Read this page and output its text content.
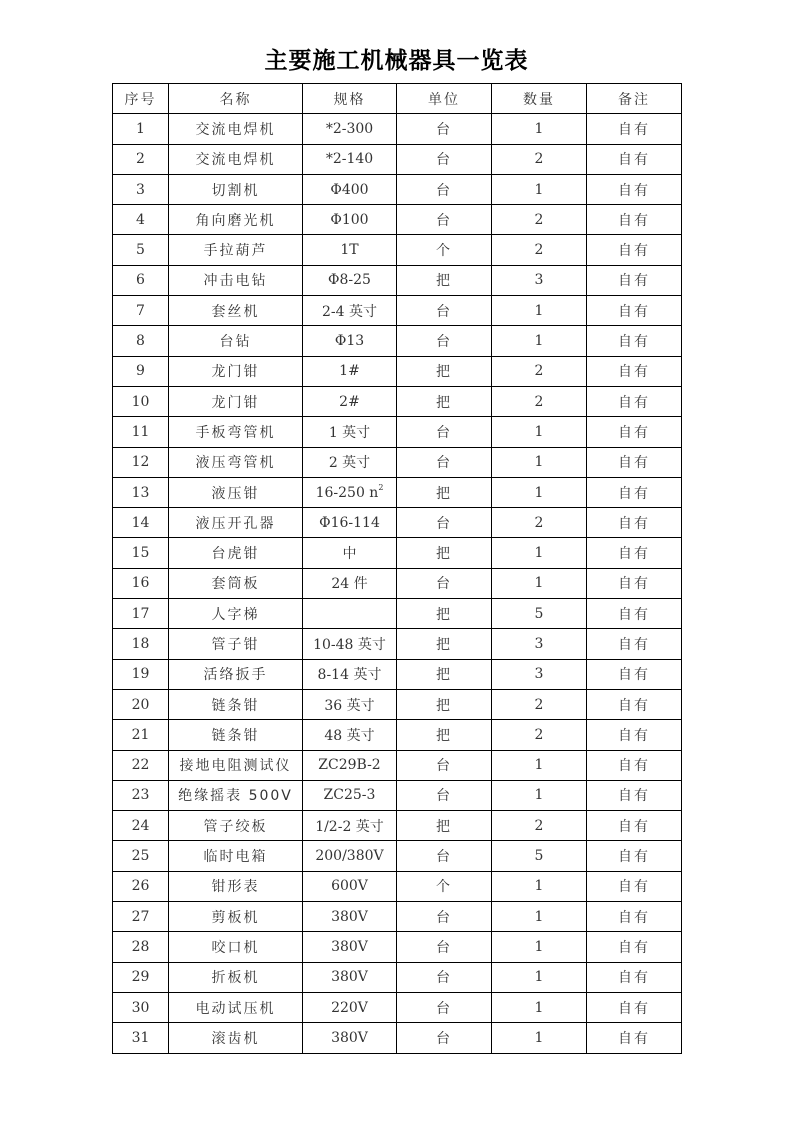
主要施工机械器具一览表
序号	名称	规格	单位	数量	备注
1	交流电焊机	*2-300	台	1	自有
2	交流电焊机	*2-140	台	2	自有
3	切割机	Φ400	台	1	自有
4	角向磨光机	Φ100	台	2	自有
5	手拉葫芦	1T	个	2	自有
6	冲击电钻	Φ8-25	把	3	自有
7	套丝机	2-4 英寸	台	1	自有
8	台钻	Φ13	台	1	自有
9	龙门钳	1#	把	2	自有
10	龙门钳	2#	把	2	自有
11	手板弯管机	1 英寸	台	1	自有
12	液压弯管机	2 英寸	台	1	自有
13	液压钳	16-250 $n^2$	把	1	自有
14	液压开孔器	Φ16-114	台	2	自有
15	台虎钳	中	把	1	自有
16	套筒板	24 件	台	1	自有
17	人字梯		把	5	自有
18	管子钳	10-48 英寸	把	3	自有
19	活络扳手	8-14 英寸	把	3	自有
20	链条钳	36 英寸	把	2	自有
21	链条钳	48 英寸	把	2	自有
22	接地电阻测试仪	ZC29B-2	台	1	自有
23	绝缘摇表 500V	ZC25-3	台	1	自有
24	管子绞板	1/2-2 英寸	把	2	自有
25	临时电箱	200/380V	台	5	自有
26	钳形表	600V	个	1	自有
27	剪板机	380V	台	1	自有
28	咬口机	380V	台	1	自有
29	折板机	380V	台	1	自有
30	电动试压机	220V	台	1	自有
31	滚齿机	380V	台	1	自有
